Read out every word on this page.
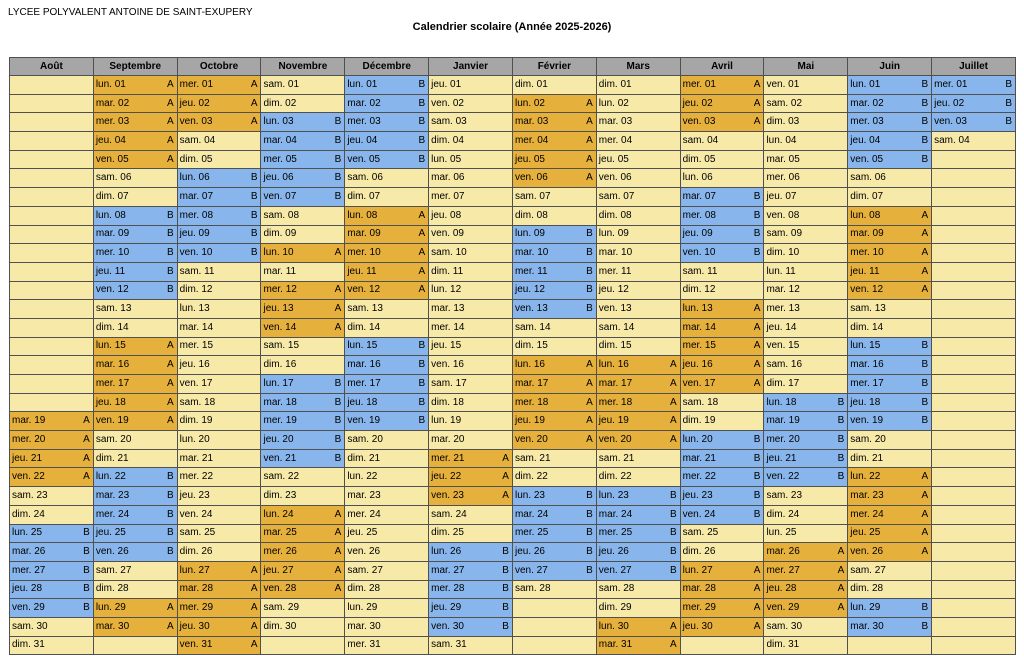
LYCEE POLYVALENT ANTOINE DE SAINT-EXUPERY
Calendrier scolaire (Année 2025-2026)
Août	Septembre	Octobre	Novembre	Décembre	Janvier	Février	Mars	Avril	Mai	Juin	Juillet

	lun. 01 A	mer. 01 A	sam. 01	lun. 01 B	jeu. 01	dim. 01	dim. 01	mer. 01 A	ven. 01	lun. 01 B	mer. 01 B

	mar. 02 A	jeu. 02 A	dim. 02	mar. 02 B	ven. 02	lun. 02 A	lun. 02	jeu. 02 A	sam. 02	mar. 02 B	jeu. 02 B

	mer. 03 A	ven. 03 A	lun. 03 B	mer. 03 B	sam. 03	mar. 03 A	mar. 03	ven. 03 A	dim. 03	mer. 03 B	ven. 03 B

	jeu. 04 A	sam. 04	mar. 04 B	jeu. 04 B	dim. 04	mer. 04 A	mer. 04	sam. 04	lun. 04	jeu. 04 B	sam. 04

	ven. 05 A	dim. 05	mer. 05 B	ven. 05 B	lun. 05	jeu. 05 A	jeu. 05	dim. 05	mar. 05	ven. 05 B	

	sam. 06	lun. 06 B	jeu. 06 B	sam. 06	mar. 06	ven. 06 A	ven. 06	lun. 06	mer. 06	sam. 06	

	dim. 07	mar. 07 B	ven. 07 B	dim. 07	mer. 07	sam. 07	sam. 07	mar. 07 B	jeu. 07	dim. 07	

	lun. 08 B	mer. 08 B	sam. 08	lun. 08 A	jeu. 08	dim. 08	dim. 08	mer. 08 B	ven. 08	lun. 08 A	

	mar. 09 B	jeu. 09 B	dim. 09	mar. 09 A	ven. 09	lun. 09 B	lun. 09	jeu. 09 B	sam. 09	mar. 09 A	

	mer. 10 B	ven. 10 B	lun. 10 A	mer. 10 A	sam. 10	mar. 10 B	mar. 10	ven. 10 B	dim. 10	mer. 10 A	

	jeu. 11 B	sam. 11	mar. 11	jeu. 11 A	dim. 11	mer. 11 B	mer. 11	sam. 11	lun. 11	jeu. 11 A	

	ven. 12 B	dim. 12	mer. 12 A	ven. 12 A	lun. 12	jeu. 12 B	jeu. 12	dim. 12	mar. 12	ven. 12 A	

	sam. 13	lun. 13	jeu. 13 A	sam. 13	mar. 13	ven. 13 B	ven. 13	lun. 13 A	mer. 13	sam. 13	

	dim. 14	mar. 14	ven. 14 A	dim. 14	mer. 14	sam. 14	sam. 14	mar. 14 A	jeu. 14	dim. 14	

	lun. 15 A	mer. 15	sam. 15	lun. 15 B	jeu. 15	dim. 15	dim. 15	mer. 15 A	ven. 15	lun. 15 B	

	mar. 16 A	jeu. 16	dim. 16	mar. 16 B	ven. 16	lun. 16 A	lun. 16 A	jeu. 16 A	sam. 16	mar. 16 B	

	mer. 17 A	ven. 17	lun. 17 B	mer. 17 B	sam. 17	mar. 17 A	mar. 17 A	ven. 17 A	dim. 17	mer. 17 B	

	jeu. 18 A	sam. 18	mar. 18 B	jeu. 18 B	dim. 18	mer. 18 A	mer. 18 A	sam. 18	lun. 18 B	jeu. 18 B	

mar. 19 A	ven. 19 A	dim. 19	mer. 19 B	ven. 19 B	lun. 19	jeu. 19 A	jeu. 19 A	dim. 19	mar. 19 B	ven. 19 B	

mer. 20 A	sam. 20	lun. 20	jeu. 20 B	sam. 20	mar. 20	ven. 20 A	ven. 20 A	lun. 20 B	mer. 20 B	sam. 20	

jeu. 21 A	dim. 21	mar. 21	ven. 21 B	dim. 21	mer. 21 A	sam. 21	sam. 21	mar. 21 B	jeu. 21 B	dim. 21	

ven. 22 A	lun. 22 B	mer. 22	sam. 22	lun. 22	jeu. 22 A	dim. 22	dim. 22	mer. 22 B	ven. 22 B	lun. 22 A	

sam. 23	mar. 23 B	jeu. 23	dim. 23	mar. 23	ven. 23 A	lun. 23 B	lun. 23 B	jeu. 23 B	sam. 23	mar. 23 A	

dim. 24	mer. 24 B	ven. 24	lun. 24 A	mer. 24	sam. 24	mar. 24 B	mar. 24 B	ven. 24 B	dim. 24	mer. 24 A	

lun. 25 B	jeu. 25 B	sam. 25	mar. 25 A	jeu. 25	dim. 25	mer. 25 B	mer. 25 B	sam. 25	lun. 25	jeu. 25 A	

mar. 26 B	ven. 26 B	dim. 26	mer. 26 A	ven. 26	lun. 26 B	jeu. 26 B	jeu. 26 B	dim. 26	mar. 26 A	ven. 26 A	

mer. 27 B	sam. 27	lun. 27 A	jeu. 27 A	sam. 27	mar. 27 B	ven. 27 B	ven. 27 B	lun. 27 A	mer. 27 A	sam. 27	

jeu. 28 B	dim. 28	mar. 28 A	ven. 28 A	dim. 28	mer. 28 B	sam. 28	sam. 28	mar. 28 A	jeu. 28 A	dim. 28	

ven. 29 B	lun. 29 A	mer. 29 A	sam. 29	lun. 29	jeu. 29 B		dim. 29	mer. 29 A	ven. 29 A	lun. 29 B	

sam. 30	mar. 30 A	jeu. 30 A	dim. 30	mar. 30	ven. 30 B		lun. 30 A	jeu. 30 A	sam. 30	mar. 30 B	

dim. 31		ven. 31 A		mer. 31	sam. 31		mar. 31 A		dim. 31		
